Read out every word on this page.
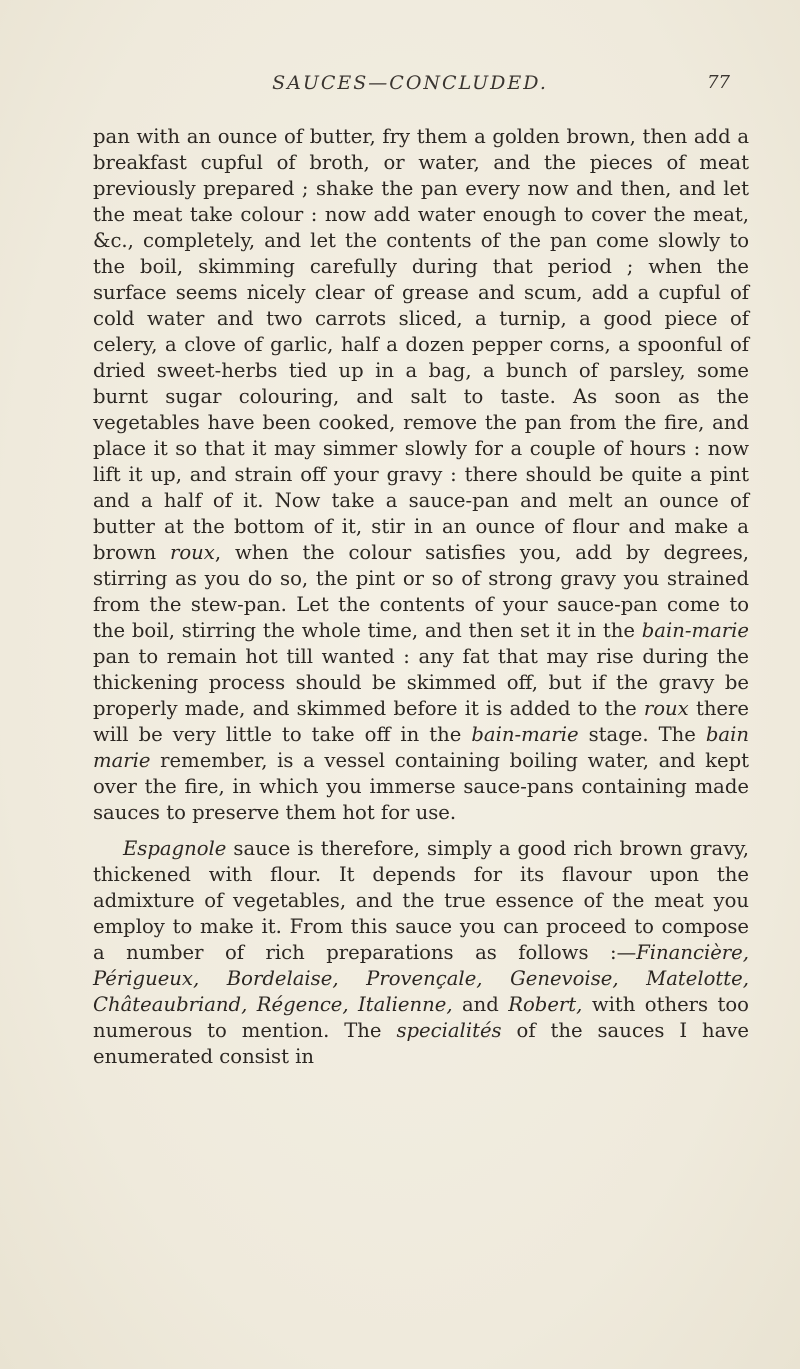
SAUCES—CONCLUDED.	77

pan with an ounce of butter, fry them a golden brown, then add a breakfast cupful of broth, or water, and the pieces of meat previously prepared ; shake the pan every now and then, and let the meat take colour : now add water enough to cover the meat, &c., completely, and let the contents of the pan come slowly to the boil, skimming carefully during that period ; when the surface seems nicely clear of grease and scum, add a cupful of cold water and two carrots sliced, a turnip, a good piece of celery, a clove of garlic, half a dozen pepper corns, a spoonful of dried sweet-herbs tied up in a bag, a bunch of parsley, some burnt sugar colouring, and salt to taste. As soon as the vegetables have been cooked, remove the pan from the fire, and place it so that it may simmer slowly for a couple of hours : now lift it up, and strain off your gravy : there should be quite a pint and a half of it. Now take a sauce-pan and melt an ounce of butter at the bottom of it, stir in an ounce of flour and make a brown roux, when the colour satisfies you, add by degrees, stirring as you do so, the pint or so of strong gravy you strained from the stew-pan. Let the contents of your sauce-pan come to the boil, stirring the whole time, and then set it in the bain-marie pan to remain hot till wanted : any fat that may rise during the thickening process should be skimmed off, but if the gravy be properly made, and skimmed before it is added to the roux there will be very little to take off in the bain-marie stage. The bain marie remember, is a vessel containing boiling water, and kept over the fire, in which you immerse sauce-pans containing made sauces to preserve them hot for use.

Espagnole sauce is therefore, simply a good rich brown gravy, thickened with flour. It depends for its flavour upon the admixture of vegetables, and the true essence of the meat you employ to make it. From this sauce you can proceed to compose a number of rich preparations as follows :—Financière, Périgueux, Bordelaise, Provençale, Genevoise, Matelotte, Châteaubriand, Régence, Italienne, and Robert, with others too numerous to mention. The specialités of the sauces I have enumerated consist in
